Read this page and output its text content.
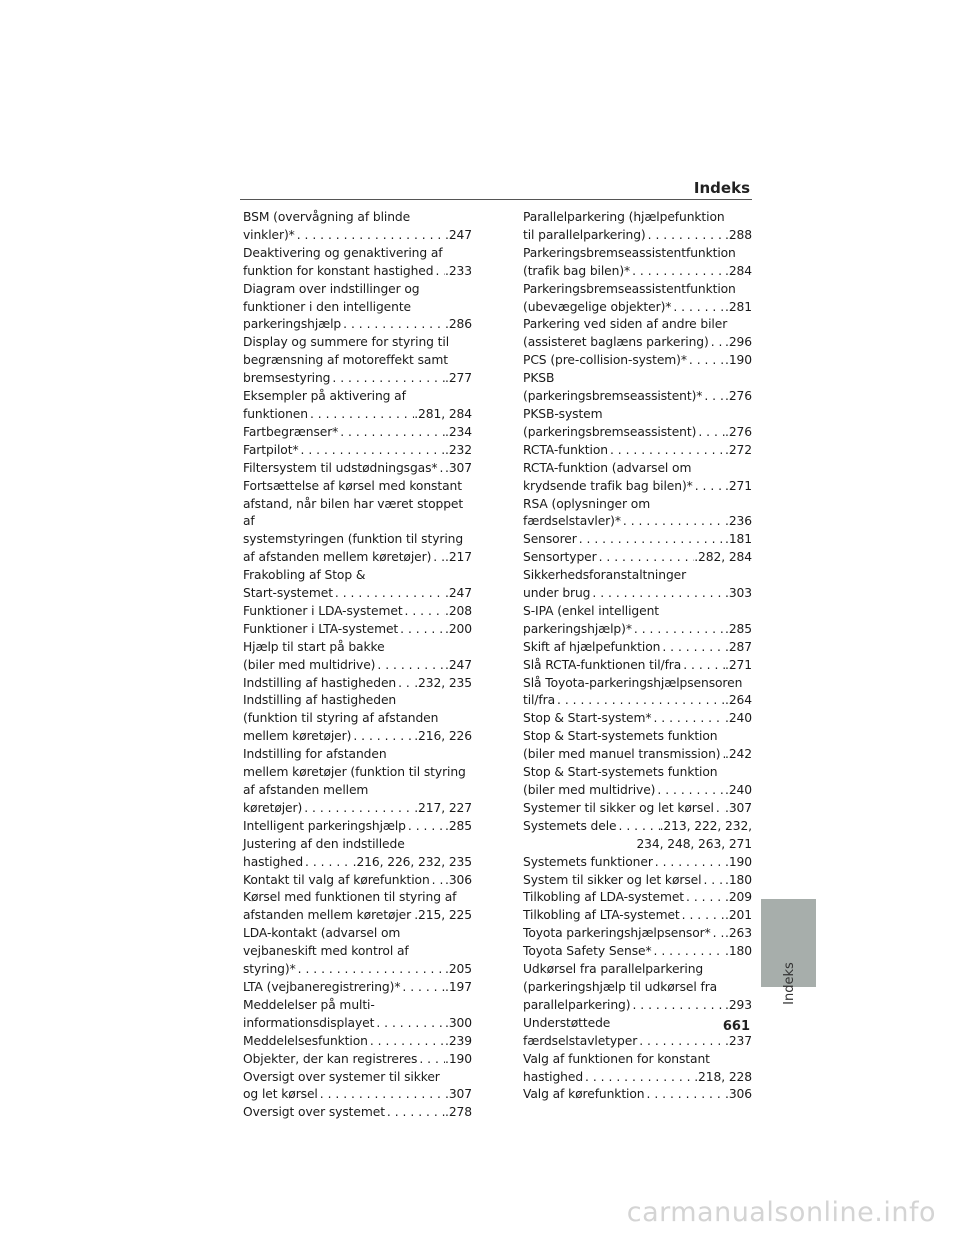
Indeks
BSM (overvågning af blinde
vinkler)* . . .	.247
Deaktivering og genaktivering af
funktion for konstant hastighed . . . .233
Diagram over indstillinger og
funktioner i den intelligente
parkeringshjælp . . .	.286
Display og summere for styring til
begrænsning af motoreffekt samt
bremsestyring . . .	.277
Eksempler på aktivering af
funktionen . . .	.281, 284
Fartbegrænser* . . .	.234
Fartpilot* . . .	.232
Filtersystem til udstødningsgas* . . . .307
Fortsættelse af kørsel med konstant
afstand, når bilen har været stoppet af
systemstyringen (funktion til styring
af afstanden mellem køretøjer) . . . .217
Frakobling af Stop &
Start-systemet . . .	.247
Funktioner i LDA-systemet . . .	.208
Funktioner i LTA-systemet . . .	.200
Hjælp til start på bakke
(biler med multidrive) . . .	.247
Indstilling af hastigheden . . . .232, 235
Indstilling af hastigheden
(funktion til styring af afstanden
mellem køretøjer) . . .	.216, 226
Indstilling for afstanden
mellem køretøjer (funktion til styring
af afstanden mellem
køretøjer) . . .	.217, 227
Intelligent parkeringshjælp . . .	.285
Justering af den indstillede
hastighed . . .	.216, 226, 232, 235
Kontakt til valg af kørefunktion . . . .306
Kørsel med funktionen til styring af
afstanden mellem køretøjer . . . .215, 225
LDA-kontakt (advarsel om
vejbaneskift med kontrol af
styring)* . . .	.205
LTA (vejbaneregistrering)* . . .	.197
Meddelelser på multi-
informationsdisplayet . . .	.300
Meddelelsesfunktion . . .	.239
Objekter, der kan registreres . . . .190
Oversigt over systemer til sikker
og let kørsel . . .	.307
Oversigt over systemet . . .	.278
Parallelparkering (hjælpefunktion
til parallelparkering) . . .	.288
Parkeringsbremseassistentfunktion
(trafik bag bilen)* . . .	.284
Parkeringsbremseassistentfunktion
(ubevægelige objekter)* . . .	.281
Parkering ved siden af andre biler
(assisteret baglæns parkering) . . . .296
PCS (pre-collision-system)* . . .	.190
PKSB
(parkeringsbremseassistent)* . . . .276
PKSB-system
(parkeringsbremseassistent) . . . .276
RCTA-funktion . . .	.272
RCTA-funktion (advarsel om
krydsende trafik bag bilen)* . . .	.271
RSA (oplysninger om
færdselstavler)* . . .	.236
Sensorer . . .	.181
Sensortyper . . .	.282, 284
Sikkerhedsforanstaltninger
under brug . . .	.303
S-IPA (enkel intelligent
parkeringshjælp)* . . .	.285
Skift af hjælpefunktion . . .	.287
Slå RCTA-funktionen til/fra . . .	.271
Slå Toyota-parkeringshjælpsensoren
til/fra . . .	.264
Stop & Start-system* . . .	.240
Stop & Start-systemets funktion
(biler med manuel transmission) . . . .242
Stop & Start-systemets funktion
(biler med multidrive) . . .	.240
Systemer til sikker og let kørsel . . . .307
Systemets dele . . .	.213, 222, 232,
234, 248, 263, 271
Systemets funktioner . . .	.190
System til sikker og let kørsel . . . .180
Tilkobling af LDA-systemet . . .	.209
Tilkobling af LTA-systemet . . .	.201
Toyota parkeringshjælpsensor* . . . .263
Toyota Safety Sense* . . .	.180
Udkørsel fra parallelparkering
(parkeringshjælp til udkørsel fra
parallelparkering) . . .	.293
Understøttede
færdselstavletyper . . .	.237
Valg af funktionen for konstant
hastighed . . .	.218, 228
Valg af kørefunktion . . .	.306
Indeks
661
carmanualsonline.info
